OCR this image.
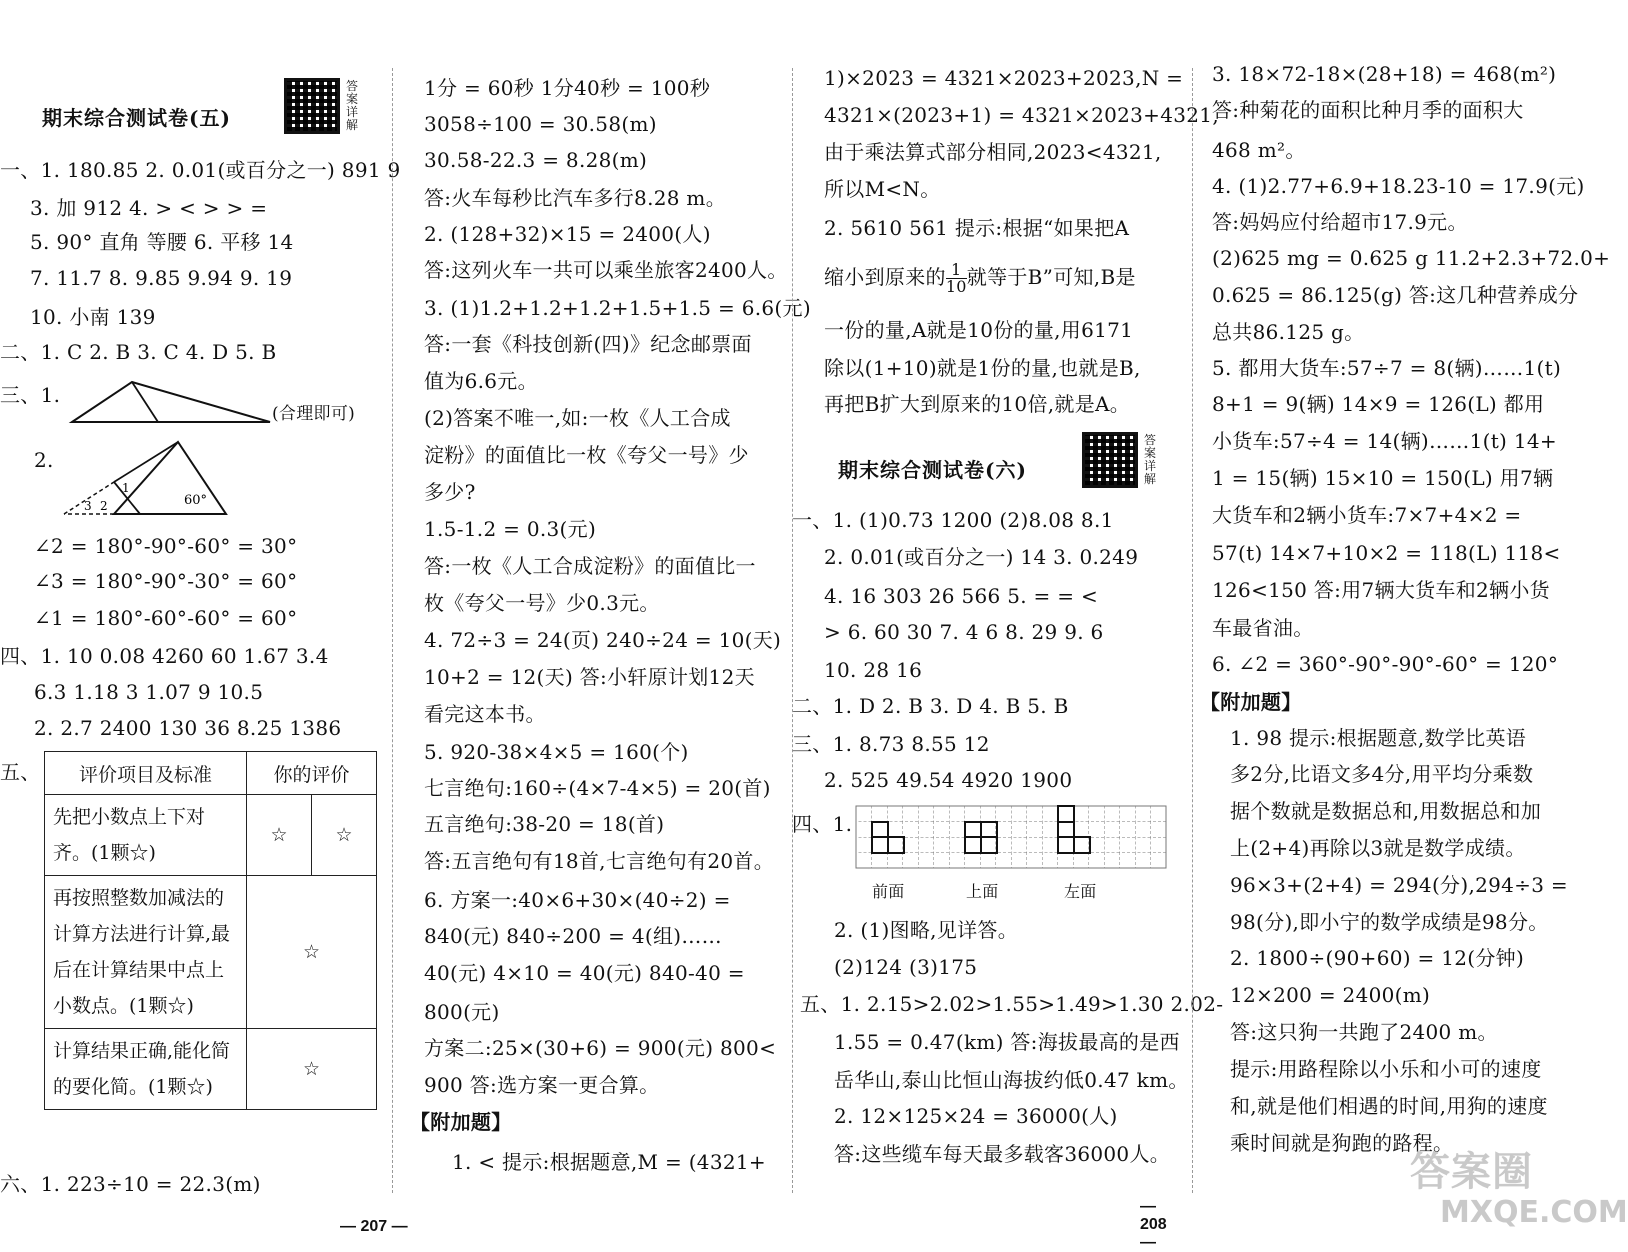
期末综合测试卷(五)
答案详解
一、1. 180.85 2. 0.01(或百分之一) 891 9
3. 加 912 4. > < > > =
5. 90° 直角 等腰 6. 平移 14
7. 11.7 8. 9.85 9.94 9. 19
10. 小南 139
二、1. C 2. B 3. C 4. D 5. B
三、1.
(合理即可)
2.
1
2
3	60°
∠2 = 180°-90°-60° = 30°
∠3 = 180°-90°-30° = 60°
∠1 = 180°-60°-60° = 60°
四、1. 10 0.08 4260 60 1.67 3.4
6.3 1.18 3 1.07 9 10.5
2. 2.7 2400 130 36 8.25 1386
五、 评价项目及标准	你的评价	
先把小数点上下对齐。(1颗☆)	☆	☆
再按照整数加减法的计算方法进行计算,最后在计算结果中点上小数点。(1颗☆)	☆	
计算结果正确,能化简的要化简。(1颗☆)	☆	
六、1. 223÷10 = 22.3(m)
1分 = 60秒 1分40秒 = 100秒
3058÷100 = 30.58(m)
30.58-22.3 = 8.28(m)
答:火车每秒比汽车多行8.28 m。
2. (128+32)×15 = 2400(人)
答:这列火车一共可以乘坐旅客2400人。
3. (1)1.2+1.2+1.2+1.5+1.5 = 6.6(元)
答:一套《科技创新(四)》纪念邮票面
值为6.6元。
(2)答案不唯一,如:一枚《人工合成
淀粉》的面值比一枚《夸父一号》少
多少?
1.5-1.2 = 0.3(元)
答:一枚《人工合成淀粉》的面值比一
枚《夸父一号》少0.3元。
4. 72÷3 = 24(页) 240÷24 = 10(天)
10+2 = 12(天) 答:小轩原计划12天
看完这本书。
5. 920-38×4×5 = 160(个)
七言绝句:160÷(4×7-4×5) = 20(首)
五言绝句:38-20 = 18(首)
答:五言绝句有18首,七言绝句有20首。
6. 方案一:40×6+30×(40÷2) =
840(元) 840÷200 = 4(组)……
40(元) 4×10 = 40(元) 840-40 =
800(元)
方案二:25×(30+6) = 900(元) 800<
900 答:选方案一更合算。
【附加题】
1. < 提示:根据题意,M = (4321+
— 207 —
1)×2023 = 4321×2023+2023,N =
4321×(2023+1) = 4321×2023+4321,
由于乘法算式部分相同,2023<4321,
所以M<N。
2. 5610 561 提示:根据“如果把A
缩小到原来的 $\frac{1}{10}$ 就等于B”可知,B是
一份的量,A就是10份的量,用6171
除以(1+10)就是1份的量,也就是B,
再把B扩大到原来的10倍,就是A。
期末综合测试卷(六)
答案详解
一、1. (1)0.73 1200 (2)8.08 8.1
2. 0.01(或百分之一) 14 3. 0.249
4. 16 303 26 566 5. = = <
> 6. 60 30 7. 4 6 8. 29 9. 6
10. 28 16
二、1. D 2. B 3. D 4. B 5. B
三、1. 8.73 8.55 12
2. 525 49.54 4920 1900
四、1.
前面	上面	左面
2. (1)图略,见详答。
(2)124 (3)175
五、1. 2.15>2.02>1.55>1.49>1.30 2.02-
1.55 = 0.47(km) 答:海拔最高的是西
岳华山,泰山比恒山海拔约低0.47 km。
2. 12×125×24 = 36000(人)
答:这些缆车每天最多载客36000人。
— 208 —
3. 18×72-18×(28+18) = 468(m²)
答:种菊花的面积比种月季的面积大
468 m²。
4. (1)2.77+6.9+18.23-10 = 17.9(元)
答:妈妈应付给超市17.9元。
(2)625 mg = 0.625 g 11.2+2.3+72.0+
0.625 = 86.125(g) 答:这几种营养成分
总共86.125 g。
5. 都用大货车:57÷7 = 8(辆)……1(t)
8+1 = 9(辆) 14×9 = 126(L) 都用
小货车:57÷4 = 14(辆)……1(t) 14+
1 = 15(辆) 15×10 = 150(L) 用7辆
大货车和2辆小货车:7×7+4×2 =
57(t) 14×7+10×2 = 118(L) 118<
126<150 答:用7辆大货车和2辆小货
车最省油。
6. ∠2 = 360°-90°-90°-60° = 120°
【附加题】
1. 98 提示:根据题意,数学比英语
多2分,比语文多4分,用平均分乘数
据个数就是数据总和,用数据总和加
上(2+4)再除以3就是数学成绩。
96×3+(2+4) = 294(分),294÷3 =
98(分),即小宁的数学成绩是98分。
2. 1800÷(90+60) = 12(分钟)
12×200 = 2400(m)
答:这只狗一共跑了2400 m。
提示:用路程除以小乐和小可的速度
和,就是他们相遇的时间,用狗的速度
乘时间就是狗跑的路程。
答案圈
MXQE.COM
